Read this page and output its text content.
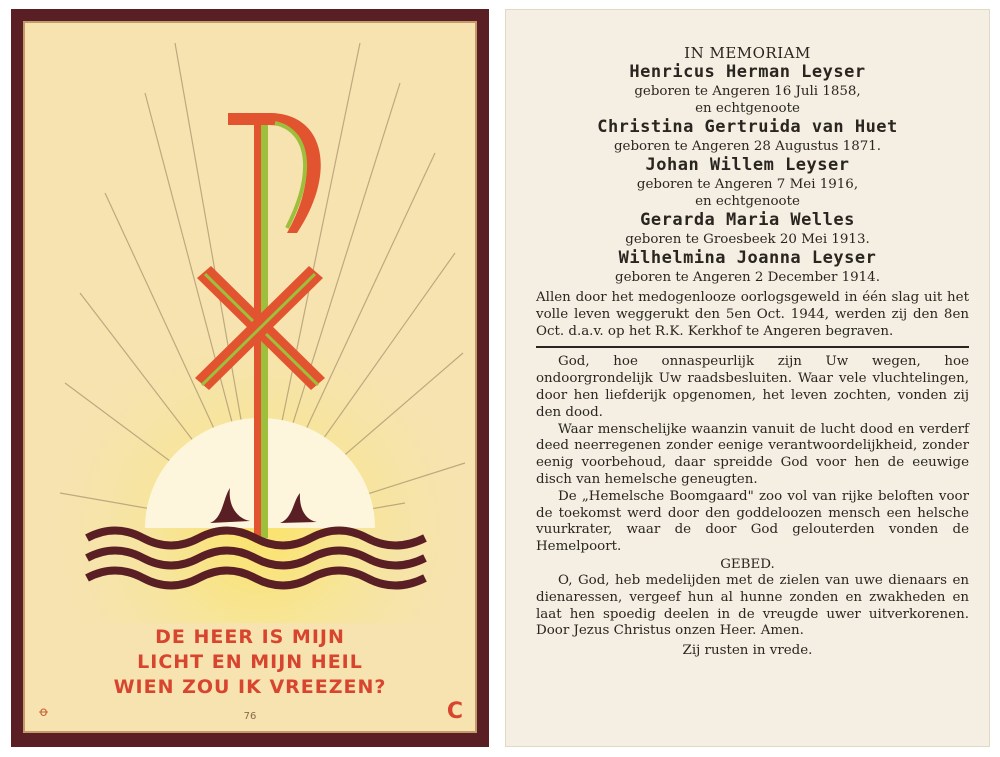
DE HEER IS MIJN
LICHT EN MIJN HEIL
WIEN ZOU IK VREEZEN?
ꝋ	76	C
IN MEMORIAM
Henricus Herman Leyser
geboren te Angeren 16 Juli 1858,
en echtgenoote
Christina Gertruida van Huet
geboren te Angeren 28 Augustus 1871.
Johan Willem Leyser
geboren te Angeren 7 Mei 1916,
en echtgenoote
Gerarda Maria Welles
geboren te Groesbeek 20 Mei 1913.
Wilhelmina Joanna Leyser
geboren te Angeren 2 December 1914.
Allen door het medogenlooze oorlogsgeweld in één slag uit het volle leven weggerukt den 5en Oct. 1944, werden zij den 8en Oct. d.a.v. op het R.K. Kerkhof te Angeren begraven.
God, hoe onnaspeurlijk zijn Uw wegen, hoe ondoorgrondelijk Uw raadsbesluiten. Waar vele vluchtelingen, door hen liefderijk opgenomen, het leven zochten, vonden zij den dood.
Waar menschelijke waanzin vanuit de lucht dood en verderf deed neerregenen zonder eenige verantwoordelijkheid, zonder eenig voorbehoud, daar spreidde God voor hen de eeuwige disch van hemelsche geneugten.
De „Hemelsche Boomgaard" zoo vol van rijke beloften voor de toekomst werd door den goddeloozen mensch een helsche vuurkrater, waar de door God gelouterden vonden de Hemelpoort.
GEBED.
O, God, heb medelijden met de zielen van uwe dienaars en dienaressen, vergeef hun al hunne zonden en zwakheden en laat hen spoedig deelen in de vreugde uwer uitverkorenen. Door Jezus Christus onzen Heer. Amen.
Zij rusten in vrede.
